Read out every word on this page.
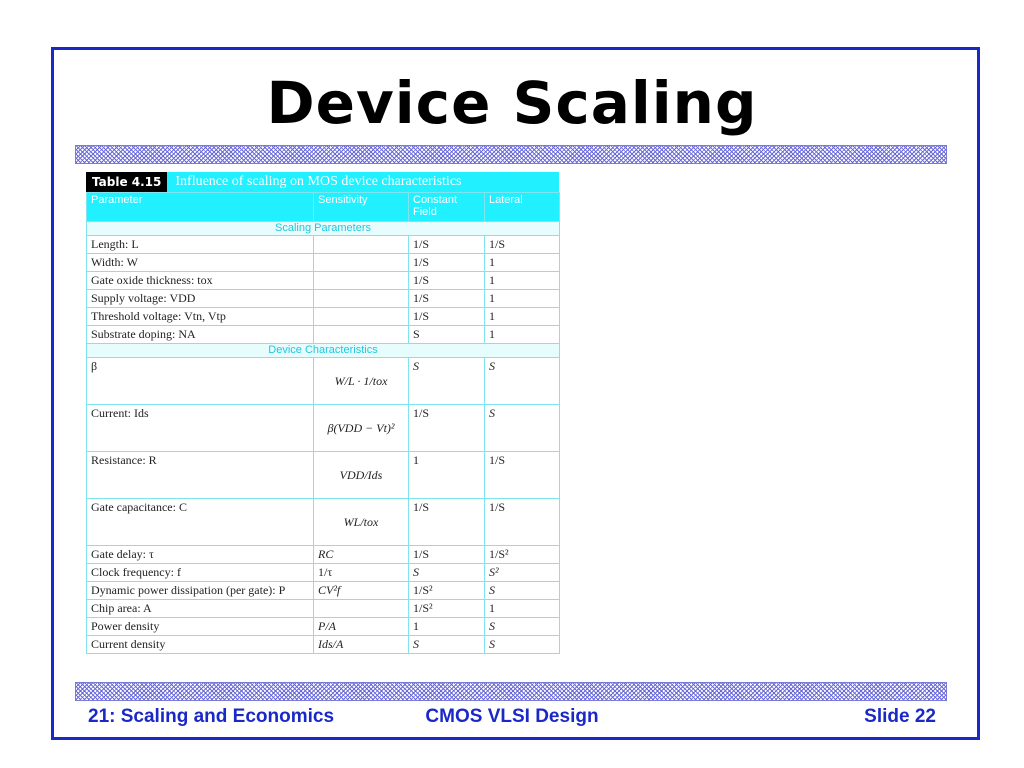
Device Scaling
Table 4.15	Influence of scaling on MOS device characteristics
Parameter	Sensitivity	Constant Field	Lateral
Scaling Parameters			
Length: L		1/S	1/S
Width: W		1/S	1
Gate oxide thickness: tox		1/S	1
Supply voltage: VDD		1/S	1
Threshold voltage: Vtn, Vtp		1/S	1
Substrate doping: NA		S	1
Device Characteristics			
β	W/L · 1/tox	S	S
Current: Ids	β(VDD − Vt)²	1/S	S
Resistance: R	VDD/Ids	1	1/S
Gate capacitance: C	WL/tox	1/S	1/S
Gate delay: τ	RC	1/S	1/S²
Clock frequency: f	1/τ	S	S²
Dynamic power dissipation (per gate): P	CV²f	1/S²	S
Chip area: A		1/S²	1
Power density	P/A	1	S
Current density	Ids/A	S	S
21: Scaling and Economics	CMOS VLSI Design	Slide 22
